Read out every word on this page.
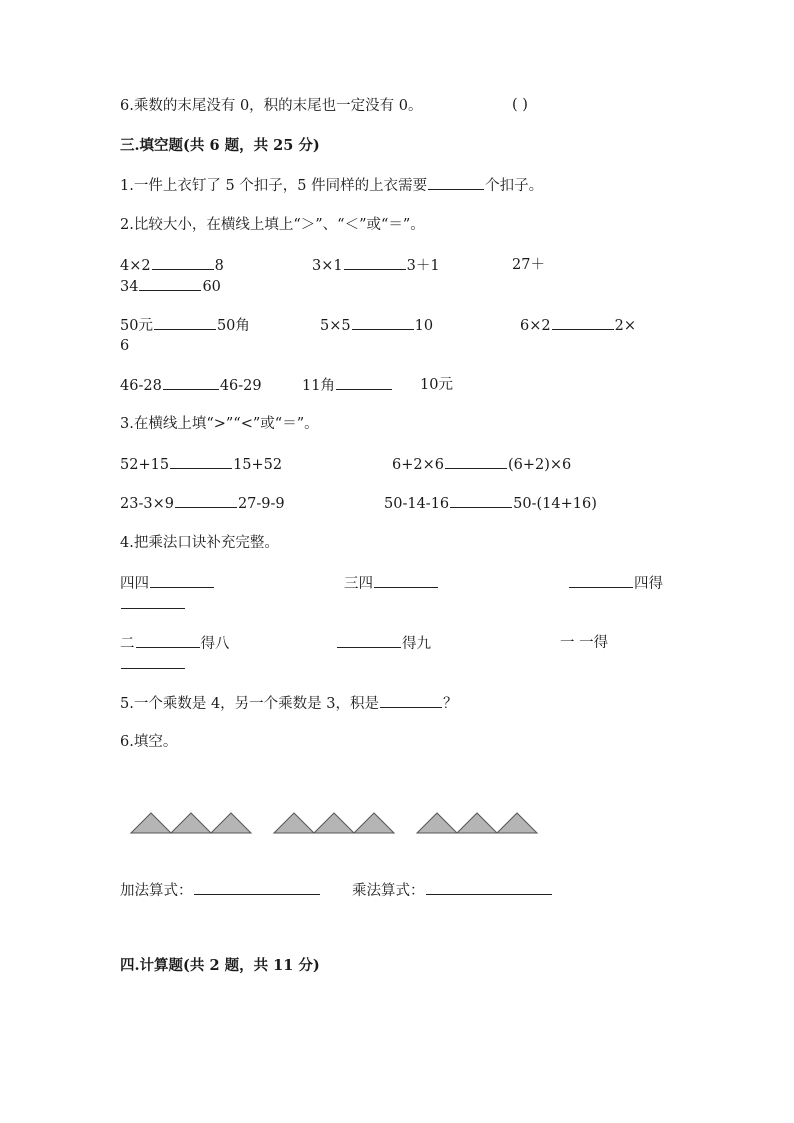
6.乘数的末尾没有 0，积的末尾也一定没有 0。	( )
三.填空题(共 6 题，共 25 分)
1.一件上衣钉了 5 个扣子，5 件同样的上衣需要	个扣子。
2.比较大小，在横线上填上“＞”、“＜”或“＝”。
4×2	8	3×1	3＋1	27＋
34	60
50元	50角	5×5	10	6×2	2×
6
46-28	46-29	11角	10元
3.在横线上填“>”“<”或“＝”。
52+15	15+52	6+2×6	(6+2)×6
23-3×9	27-9-9	50-14-16	50-(14+16)
4.把乘法口诀补充完整。
四四	三四	四得
二	得八	得九	一 一得
5.一个乘数是 4，另一个乘数是 3，积是	？
6.填空。
加法算式：	乘法算式：
四.计算题(共 2 题，共 11 分)
